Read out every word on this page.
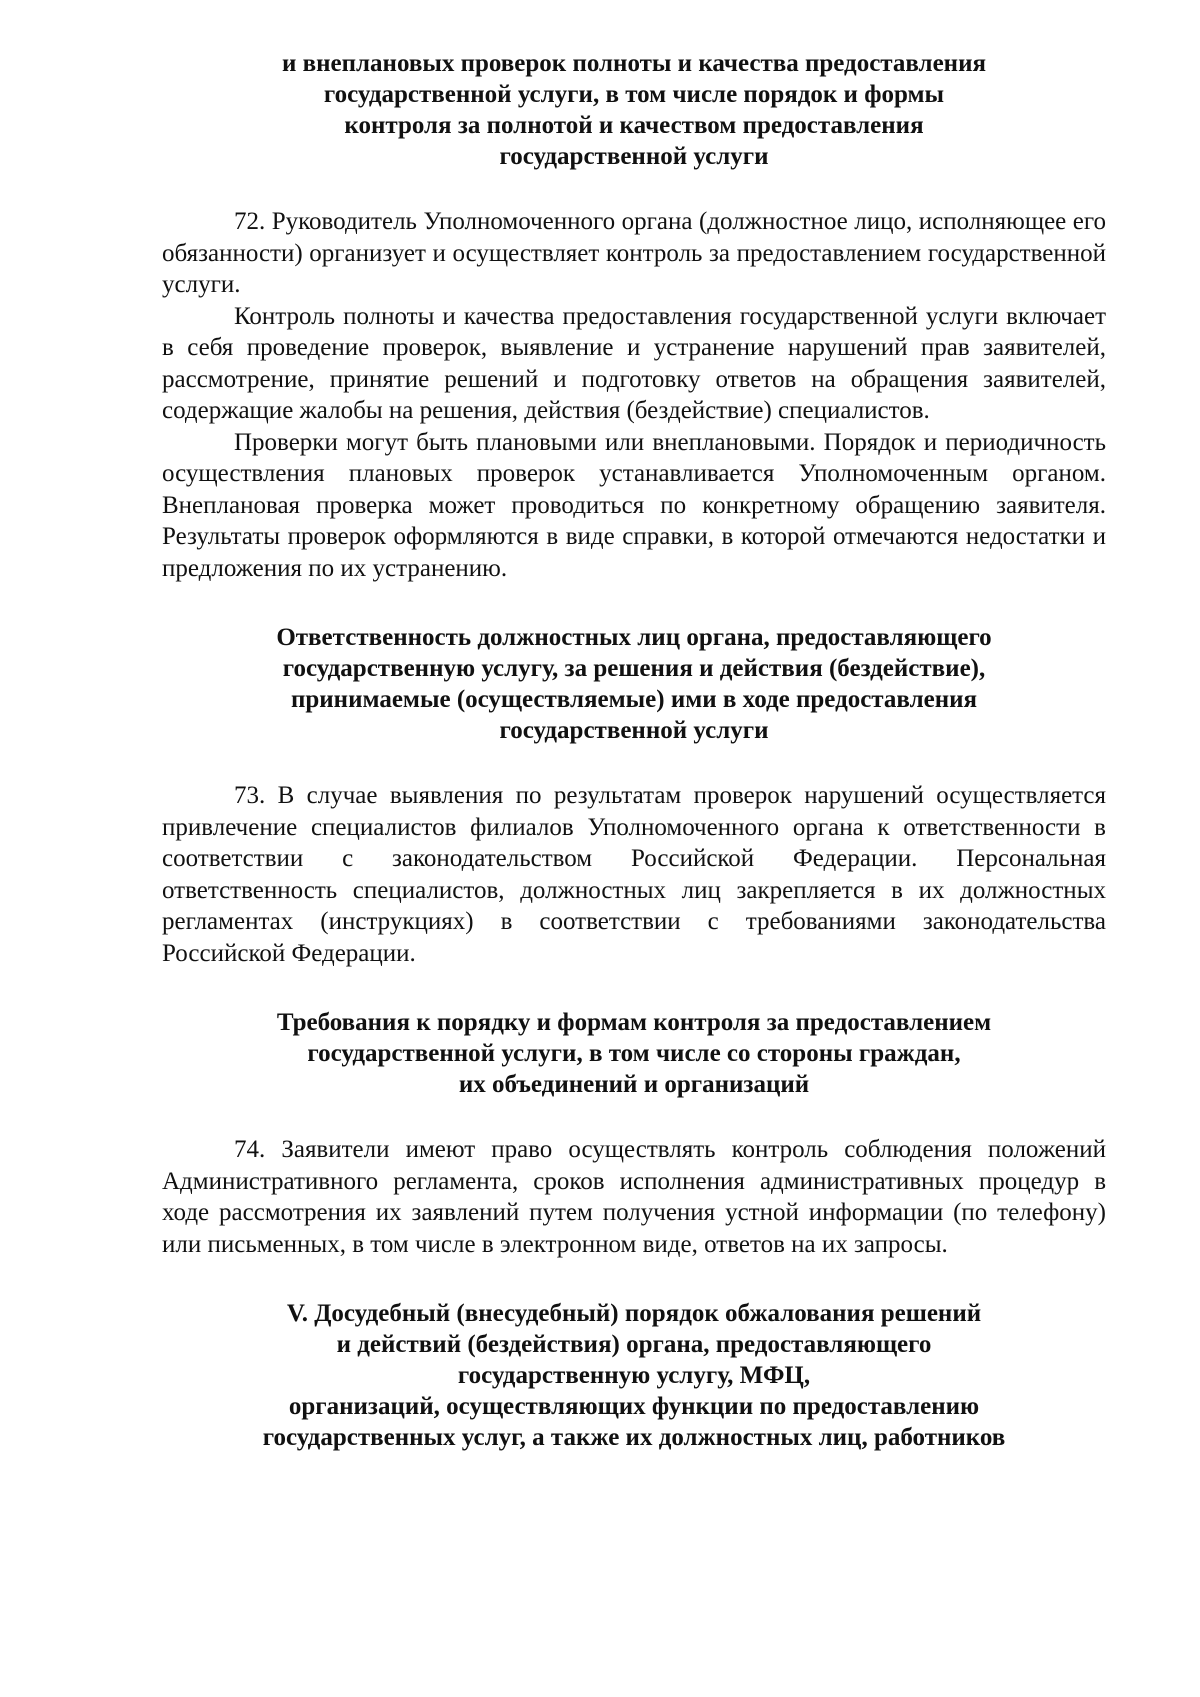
и внеплановых проверок полноты и качества предоставления
государственной услуги, в том числе порядок и формы
контроля за полнотой и качеством предоставления
государственной услуги

72. Руководитель Уполномоченного органа (должностное лицо, исполняющее его обязанности) организует и осуществляет контроль за предоставлением государственной услуги.

Контроль полноты и качества предоставления государственной услуги включает в себя проведение проверок, выявление и устранение нарушений прав заявителей, рассмотрение, принятие решений и подготовку ответов на обращения заявителей, содержащие жалобы на решения, действия (бездействие) специалистов.

Проверки могут быть плановыми или внеплановыми. Порядок и периодичность осуществления плановых проверок устанавливается Уполномоченным органом. Внеплановая проверка может проводиться по конкретному обращению заявителя. Результаты проверок оформляются в виде справки, в которой отмечаются недостатки и предложения по их устранению.

Ответственность должностных лиц органа, предоставляющего
государственную услугу, за решения и действия (бездействие),
принимаемые (осуществляемые) ими в ходе предоставления
государственной услуги

73. В случае выявления по результатам проверок нарушений осуществляется привлечение специалистов филиалов Уполномоченного органа к ответственности в соответствии с законодательством Российской Федерации. Персональная ответственность специалистов, должностных лиц закрепляется в их должностных регламентах (инструкциях) в соответствии с требованиями законодательства Российской Федерации.

Требования к порядку и формам контроля за предоставлением
государственной услуги, в том числе со стороны граждан,
их объединений и организаций

74. Заявители имеют право осуществлять контроль соблюдения положений Административного регламента, сроков исполнения административных процедур в ходе рассмотрения их заявлений путем получения устной информации (по телефону) или письменных, в том числе в электронном виде, ответов на их запросы.

V. Досудебный (внесудебный) порядок обжалования решений
и действий (бездействия) органа, предоставляющего
государственную услугу, МФЦ,
организаций, осуществляющих функции по предоставлению
государственных услуг, а также их должностных лиц, работников
